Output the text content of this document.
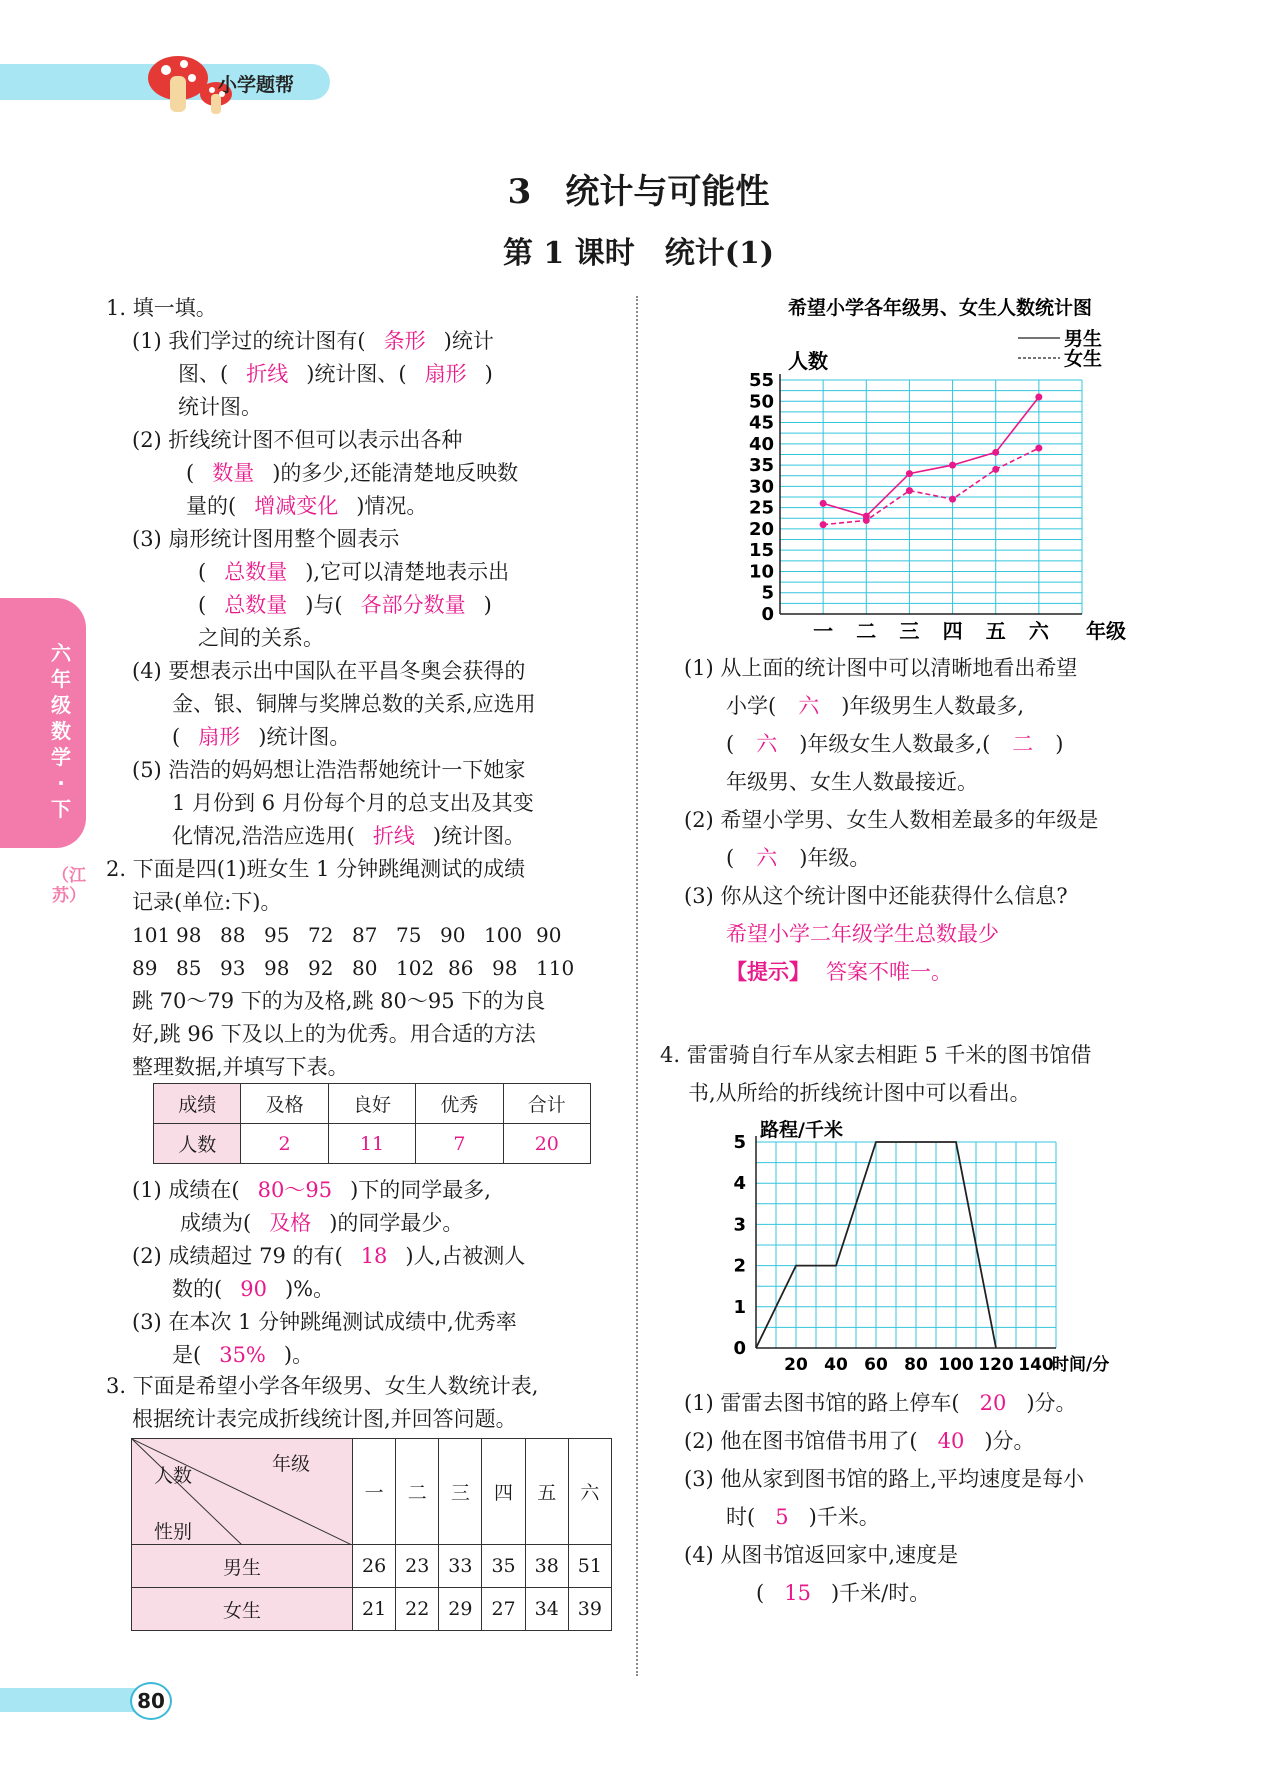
小学题帮
六年级数学·下
（江苏）
3　统计与可能性
第 1 课时　统计(1)
1. 填一填。
(1) 我们学过的统计图有( 条形 )统计
图、( 折线 )统计图、( 扇形 )
统计图。
(2) 折线统计图不但可以表示出各种
( 数量 )的多少,还能清楚地反映数
量的( 增减变化 )情况。
(3) 扇形统计图用整个圆表示
( 总数量 ),它可以清楚地表示出
( 总数量 )与( 各部分数量 )
之间的关系。
(4) 要想表示出中国队在平昌冬奥会获得的
金、银、铜牌与奖牌总数的关系,应选用
( 扇形 )统计图。
(5) 浩浩的妈妈想让浩浩帮她统计一下她家
1 月份到 6 月份每个月的总支出及其变
化情况,浩浩应选用( 折线 )统计图。
2. 下面是四(1)班女生 1 分钟跳绳测试的成绩
记录(单位:下)。
101 98 88 95 72 87 75 90 100 90
89 85 93 98 92 80 102 86 98 110
跳 70～79 下的为及格,跳 80～95 下的为良
好,跳 96 下及以上的为优秀。用合适的方法
整理数据,并填写下表。
成绩	及格	良好	优秀	合计
人数	2	11	7	20
(1) 成绩在( 80～95 )下的同学最多,
成绩为( 及格 )的同学最少。
(2) 成绩超过 79 的有( 18 )人,占被测人
数的( 90 )%。
(3) 在本次 1 分钟跳绳测试成绩中,优秀率
是( 35% )。
3. 下面是希望小学各年级男、女生人数统计表,
根据统计表完成折线统计图,并回答问题。
年级
人数
性别	一	二	三	四	五	六
男生	26	23	33	35	38	51
女生	21	22	29	27	34	39
希望小学各年级男、女生人数统计图
0
5
10
15
20
25
30
35
40
45
50
55
一 二 三 四 五 六 年级
人数
男生
女生
(1) 从上面的统计图中可以清晰地看出希望
小学( 六 )年级男生人数最多,
( 六 )年级女生人数最多,( 二 )
年级男、女生人数最接近。
(2) 希望小学男、女生人数相差最多的年级是
( 六 )年级。
(3) 你从这个统计图中还能获得什么信息?
希望小学二年级学生总数最少
【提示】 答案不唯一。
4. 雷雷骑自行车从家去相距 5 千米的图书馆借
书,从所给的折线统计图中可以看出。
路程/千米
0
1
2
3
4
5
20 40 60 80 100 120 140
时间/分
(1) 雷雷去图书馆的路上停车( 20 )分。
(2) 他在图书馆借书用了( 40 )分。
(3) 他从家到图书馆的路上,平均速度是每小
时( 5 )千米。
(4) 从图书馆返回家中,速度是
( 15 )千米/时。
80
